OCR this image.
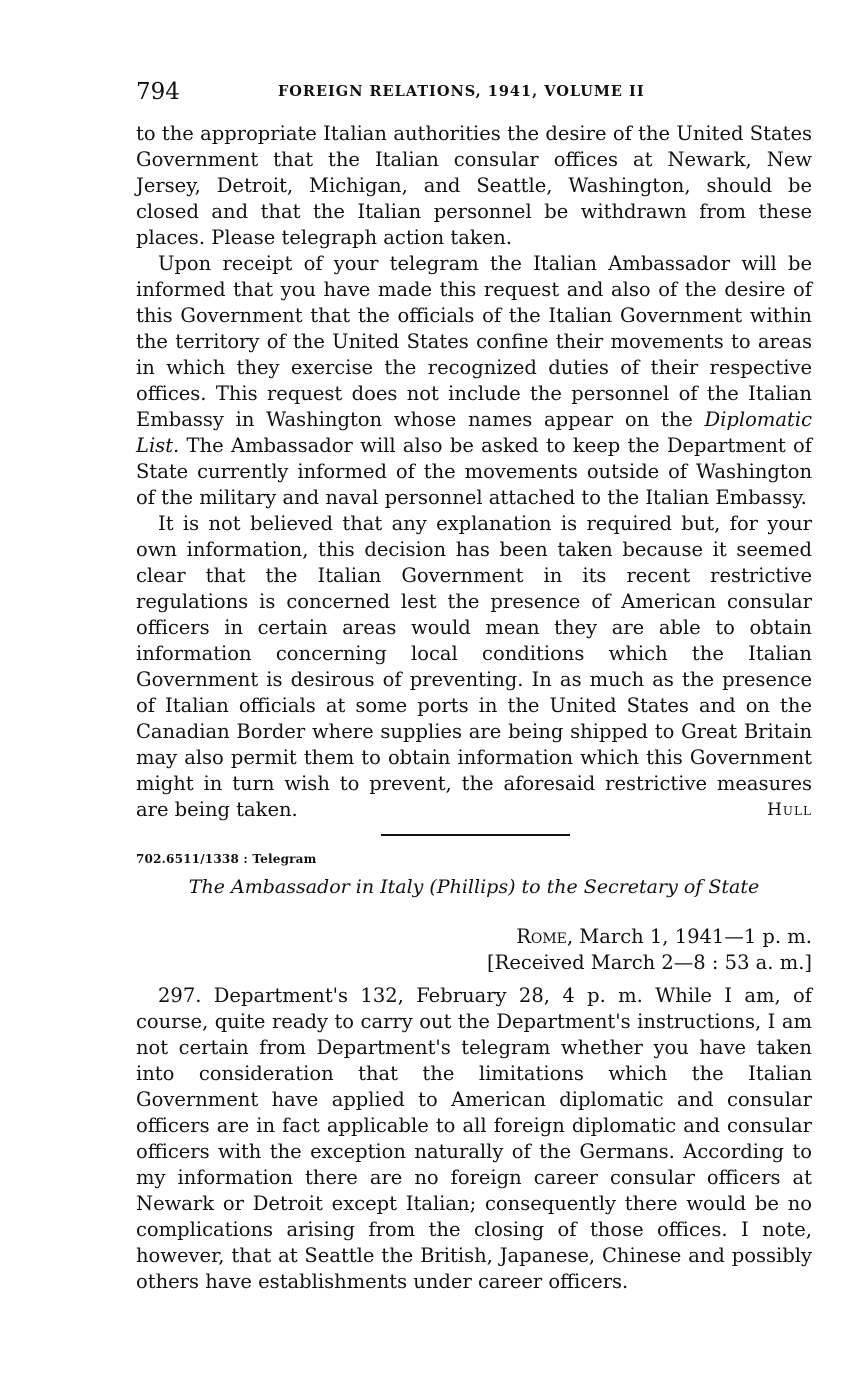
794	FOREIGN RELATIONS, 1941, VOLUME II

to the appropriate Italian authorities the desire of the United States Government that the Italian consular offices at Newark, New Jersey, Detroit, Michigan, and Seattle, Washington, should be closed and that the Italian personnel be withdrawn from these places. Please telegraph action taken.

Upon receipt of your telegram the Italian Ambassador will be informed that you have made this request and also of the desire of this Government that the officials of the Italian Government within the territory of the United States confine their movements to areas in which they exercise the recognized duties of their respective offices. This request does not include the personnel of the Italian Embassy in Washington whose names appear on the Diplomatic List. The Ambassador will also be asked to keep the Department of State currently informed of the movements outside of Washington of the military and naval personnel attached to the Italian Embassy.

It is not believed that any explanation is required but, for your own information, this decision has been taken because it seemed clear that the Italian Government in its recent restrictive regulations is concerned lest the presence of American consular officers in certain areas would mean they are able to obtain information concerning local conditions which the Italian Government is desirous of preventing. In as much as the presence of Italian officials at some ports in the United States and on the Canadian Border where supplies are being shipped to Great Britain may also permit them to obtain information which this Government might in turn wish to prevent, the aforesaid restrictive measures are being taken.	Hull
702.6511/1338 : Telegram
The Ambassador in Italy (Phillips) to the Secretary of State
Rome, March 1, 1941—1 p. m.
[Received March 2—8 : 53 a. m.]

297. Department's 132, February 28, 4 p. m. While I am, of course, quite ready to carry out the Department's instructions, I am not certain from Department's telegram whether you have taken into consideration that the limitations which the Italian Government have applied to American diplomatic and consular officers are in fact applicable to all foreign diplomatic and consular officers with the exception naturally of the Germans. According to my information there are no foreign career consular officers at Newark or Detroit except Italian; consequently there would be no complications arising from the closing of those offices. I note, however, that at Seattle the British, Japanese, Chinese and possibly others have establishments under career officers.
